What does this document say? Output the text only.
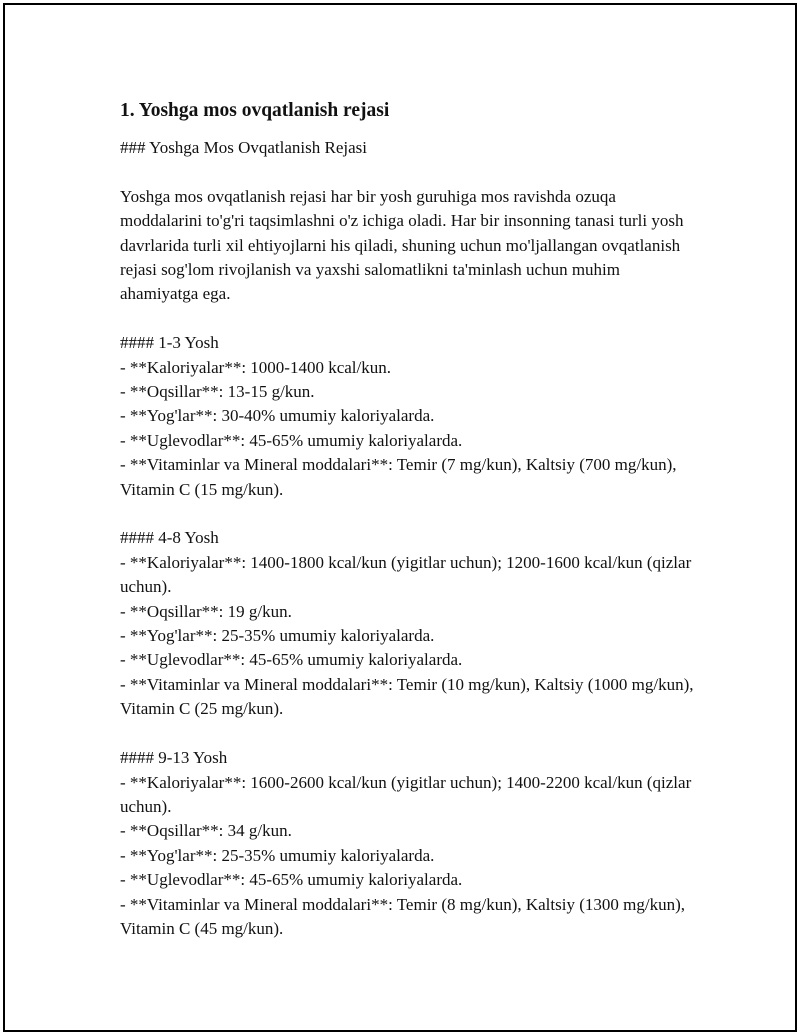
1. Yoshga mos ovqatlanish rejasi

### Yoshga Mos Ovqatlanish Rejasi

Yoshga mos ovqatlanish rejasi har bir yosh guruhiga mos ravishda ozuqa moddalarini to'g'ri taqsimlashni o'z ichiga oladi. Har bir insonning tanasi turli yosh davrlarida turli xil ehtiyojlarni his qiladi, shuning uchun mo'ljallangan ovqatlanish rejasi sog'lom rivojlanish va yaxshi salomatlikni ta'minlash uchun muhim ahamiyatga ega.

#### 1-3 Yosh

- **Kaloriyalar**: 1000-1400 kcal/kun.

- **Oqsillar**: 13-15 g/kun.

- **Yog'lar**: 30-40% umumiy kaloriyalarda.

- **Uglevodlar**: 45-65% umumiy kaloriyalarda.

- **Vitaminlar va Mineral moddalari**: Temir (7 mg/kun), Kaltsiy (700 mg/kun), Vitamin C (15 mg/kun).

#### 4-8 Yosh

- **Kaloriyalar**: 1400-1800 kcal/kun (yigitlar uchun); 1200-1600 kcal/kun (qizlar uchun).

- **Oqsillar**: 19 g/kun.

- **Yog'lar**: 25-35% umumiy kaloriyalarda.

- **Uglevodlar**: 45-65% umumiy kaloriyalarda.

- **Vitaminlar va Mineral moddalari**: Temir (10 mg/kun), Kaltsiy (1000 mg/kun), Vitamin C (25 mg/kun).

#### 9-13 Yosh

- **Kaloriyalar**: 1600-2600 kcal/kun (yigitlar uchun); 1400-2200 kcal/kun (qizlar uchun).

- **Oqsillar**: 34 g/kun.

- **Yog'lar**: 25-35% umumiy kaloriyalarda.

- **Uglevodlar**: 45-65% umumiy kaloriyalarda.

- **Vitaminlar va Mineral moddalari**: Temir (8 mg/kun), Kaltsiy (1300 mg/kun), Vitamin C (45 mg/kun).
